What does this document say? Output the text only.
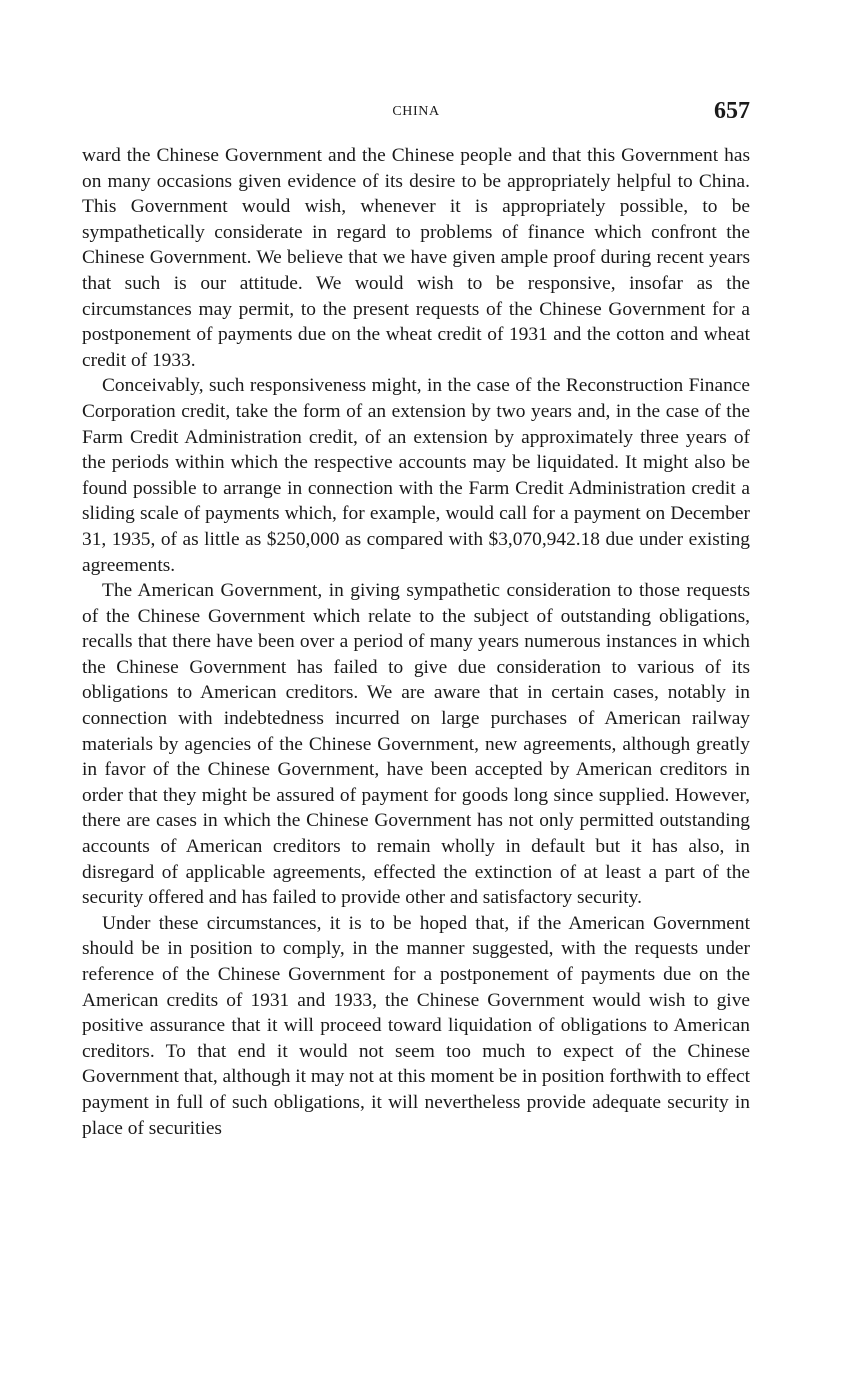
CHINA	657

ward the Chinese Government and the Chinese people and that this Government has on many occasions given evidence of its desire to be appropriately helpful to China. This Government would wish, whenever it is appropriately possible, to be sympathetically considerate in regard to problems of finance which confront the Chinese Government. We believe that we have given ample proof during recent years that such is our attitude. We would wish to be responsive, insofar as the circumstances may permit, to the present requests of the Chinese Government for a postponement of payments due on the wheat credit of 1931 and the cotton and wheat credit of 1933.

Conceivably, such responsiveness might, in the case of the Reconstruction Finance Corporation credit, take the form of an extension by two years and, in the case of the Farm Credit Administration credit, of an extension by approximately three years of the periods within which the respective accounts may be liquidated. It might also be found possible to arrange in connection with the Farm Credit Administration credit a sliding scale of payments which, for example, would call for a payment on December 31, 1935, of as little as $250,000 as compared with $3,070,942.18 due under existing agreements.

The American Government, in giving sympathetic consideration to those requests of the Chinese Government which relate to the subject of outstanding obligations, recalls that there have been over a period of many years numerous instances in which the Chinese Government has failed to give due consideration to various of its obligations to American creditors. We are aware that in certain cases, notably in connection with indebtedness incurred on large purchases of American railway materials by agencies of the Chinese Government, new agreements, although greatly in favor of the Chinese Government, have been accepted by American creditors in order that they might be assured of payment for goods long since supplied. However, there are cases in which the Chinese Government has not only permitted outstanding accounts of American creditors to remain wholly in default but it has also, in disregard of applicable agreements, effected the extinction of at least a part of the security offered and has failed to provide other and satisfactory security.

Under these circumstances, it is to be hoped that, if the American Government should be in position to comply, in the manner suggested, with the requests under reference of the Chinese Government for a postponement of payments due on the American credits of 1931 and 1933, the Chinese Government would wish to give positive assurance that it will proceed toward liquidation of obligations to American creditors. To that end it would not seem too much to expect of the Chinese Government that, although it may not at this moment be in position forthwith to effect payment in full of such obligations, it will nevertheless provide adequate security in place of securities
